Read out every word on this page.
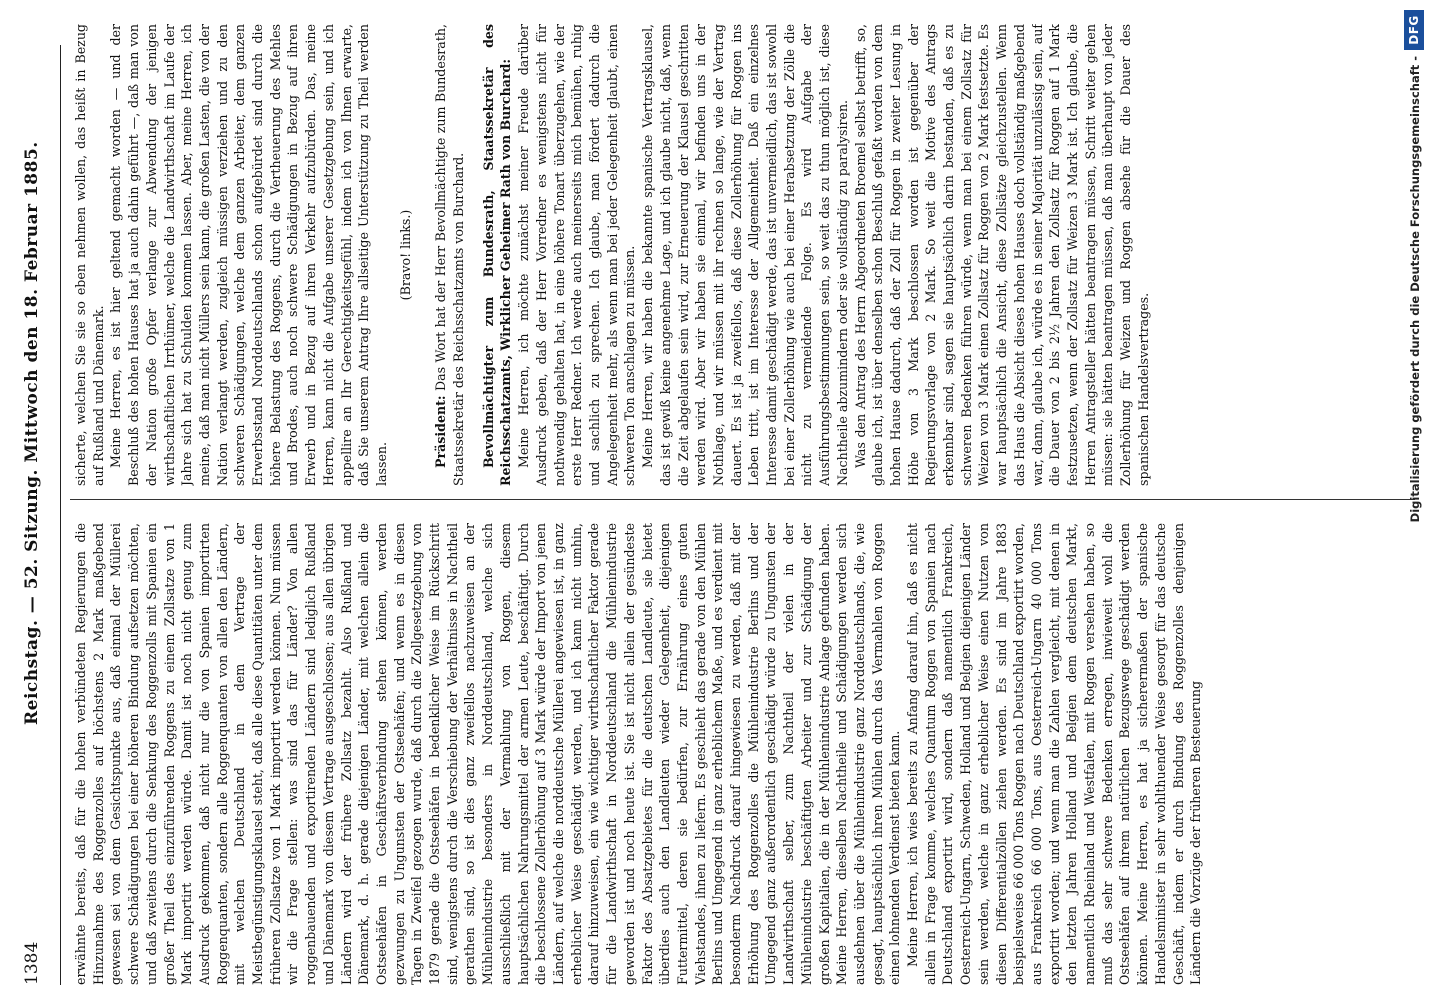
1384
Reichstag. — 52. Sitzung. Mittwoch den 18. Februar 1885.

erwähnte bereits, daß für die hohen verbündeten Regierungen die Hinzunahme des Roggenzolles auf höchstens 2 Mark maßgebend gewesen sei von dem Gesichtspunkte aus, daß einmal der Müllerei schwere Schädigungen bei einer höheren Bindung aufsetzen möchten, und daß zweitens durch die Senkung des Roggenzolls mit Spanien ein großer Theil des einzuführenden Roggens zu einem Zollsatze von 1 Mark importirt werden würde. Damit ist noch nicht genug zum Ausdruck gekommen, daß nicht nur die von Spanien importirten Roggenquanten, sondern alle Roggenquanten von allen den Ländern, mit welchen Deutschland in dem Vertrage der Meistbegünstigungsklausel steht, daß alle diese Quantitäten unter dem früheren Zollsatze von 1 Mark importirt werden können. Nun müssen wir die Frage stellen: was sind das für Länder? Von allen roggenbauenden und exportirenden Ländern sind lediglich Rußland und Dänemark von diesem Vertrage ausgeschlossen; aus allen übrigen Ländern wird der frühere Zollsatz bezahlt. Also Rußland und Dänemark, d. h. gerade diejenigen Länder, mit welchen allein die Ostseehäfen in Geschäftsverbindung stehen können, werden gezwungen zu Ungunsten der Ostseehäfen; und wenn es in diesen Tagen in Zweifel gezogen wurde, daß durch die Zollgesetzgebung von 1879 gerade die Ostseehäfen in bedenklicher Weise im Rückschritt sind, wenigstens durch die Verschiebung der Verhältnisse in Nachtheil gerathen sind, so ist dies ganz zweifellos nachzuweisen an der Mühlenindustrie besonders in Norddeutschland, welche sich ausschließlich mit der Vermahlung von Roggen, diesem hauptsächlichen Nahrungsmittel der armen Leute, beschäftigt. Durch die beschlossene Zollerhöhung auf 3 Mark würde der Import von jenen Ländern, auf welche die norddeutsche Müllerei angewiesen ist, in ganz erheblicher Weise geschädigt werden, und ich kann nicht umhin, darauf hinzuweisen, ein wie wichtiger wirthschaftlicher Faktor gerade für die Landwirthschaft in Norddeutschland die Mühlenindustrie geworden ist und noch heute ist. Sie ist nicht allein der gesündeste Faktor des Absatzgebietes für die deutschen Landleute, sie bietet überdies auch den Landleuten wieder Gelegenheit, diejenigen Futtermittel, deren sie bedürfen, zur Ernährung eines guten Viehstandes, ihnen zu liefern. Es geschieht das gerade von den Mühlen Berlins und Umgegend in ganz erheblichem Maße, und es verdient mit besonderm Nachdruck darauf hingewiesen zu werden, daß mit der Erhöhung des Roggenzolles die Mühlenindustrie Berlins und der Umgegend ganz außerordentlich geschädigt würde zu Ungunsten der Landwirthschaft selber, zum Nachtheil der vielen in der Mühlenindustrie beschäftigten Arbeiter und zur Schädigung der großen Kapitalien, die in der Mühlenindustrie Anlage gefunden haben. Meine Herren, dieselben Nachtheile und Schädigungen werden sich ausdehnen über die Mühlenindustrie ganz Norddeutschlands, die, wie gesagt, hauptsächlich ihren Mühlen durch das Vermahlen von Roggen einen lohnenden Verdienst bieten kann. Meine Herren, ich wies bereits zu Anfang darauf hin, daß es nicht allein in Frage komme, welches Quantum Roggen von Spanien nach Deutschland exportirt wird, sondern daß namentlich Frankreich, Oesterreich-Ungarn, Schweden, Holland und Belgien diejenigen Länder sein werden, welche in ganz erheblicher Weise einen Nutzen von diesen Differentialzöllen ziehen werden. Es sind im Jahre 1883 beispielsweise 66 000 Tons Roggen nach Deutschland exportirt worden, aus Frankreich 66 000 Tons, aus Oesterreich-Ungarn 40 000 Tons exportirt worden; und wenn man die Zahlen vergleicht, mit denen in den letzten Jahren Holland und Belgien dem deutschen Markt, namentlich Rheinland und Westfalen, mit Roggen versehen haben, so muß das sehr schwere Bedenken erregen, inwieweit wohl die Ostseehäfen auf ihrem natürlichen Bezugswege geschädigt werden können. Meine Herren, es hat ja sicherermaßen der spanische Handelsminister in sehr wohlthuender Weise gesorgt für das deutsche Geschäft, indem er durch Bindung des Roggenzolles denjenigen Ländern die Vorzüge der früheren Besteuerung

sicherte, welchen Sie sie so eben nehmen wollen, das heißt in Bezug auf Rußland und Dänemark. Meine Herren, es ist hier geltend gemacht worden — und der Beschluß des hohen Hauses hat ja auch dahin geführt —, daß man von der Nation große Opfer verlange zur Abwendung der jenigen wirthschaftlichen Irrthümer, welche die Landwirthschaft im Laufe der Jahre sich hat zu Schulden kommen lassen. Aber, meine Herren, ich meine, daß man nicht Müllers sein kann, die großen Lasten, die von der Nation verlangt werden, zugleich müssigen verziehen und zu den schweren Schädigungen, welche dem ganzen Arbeiter, dem ganzen Erwerbsstand Norddeutschlands schon aufgebürdet sind durch die höhere Belastung des Roggens, durch die Vertheuerung des Mehles und Brodes, auch noch schwere Schädigungen in Bezug auf ihren Erwerb und in Bezug auf ihren Verkehr aufzubürden. Das, meine Herren, kann nicht die Aufgabe unserer Gesetzgebung sein, und ich appellire an Ihr Gerechtigkeitsgefühl, indem ich von Ihnen erwarte, daß Sie unserem Antrag Ihre allseitige Unterstützung zu Theil werden lassen.

(Bravo! links.)

Präsident: Das Wort hat der Herr Bevollmächtigte zum Bundesrath, Staatssekretär des Reichsschatzamts von Burchard. Bevollmächtigter zum Bundesrath, Staatssekretär des Reichsschatzamts, Wirklicher Geheimer Rath von Burchard: Meine Herren, ich möchte zunächst meiner Freude darüber Ausdruck geben, daß der Herr Vorredner es wenigstens nicht für nothwendig gehalten hat, in eine höhere Tonart überzugehen, wie der erste Herr Redner. Ich werde auch meinerseits mich bemühen, ruhig und sachlich zu sprechen. Ich glaube, man fördert dadurch die Angelegenheit mehr, als wenn man bei jeder Gelegenheit glaubt, einen schweren Ton anschlagen zu müssen. Meine Herren, wir haben die bekannte spanische Vertragsklausel, das ist gewiß keine angenehme Lage, und ich glaube nicht, daß, wenn die Zeit abgelaufen sein wird, zur Erneuerung der Klausel geschritten werden wird. Aber wir haben sie einmal, wir befinden uns in der Nothlage, und wir müssen mit ihr rechnen so lange, wie der Vertrag dauert. Es ist ja zweifellos, daß diese Zollerhöhung für Roggen ins Leben tritt, ist im Interesse der Allgemeinheit. Daß ein einzelnes Interesse damit geschädigt werde, das ist unvermeidlich, das ist sowohl bei einer Zollerhöhung wie auch bei einer Herabsetzung der Zölle die nicht zu vermeidende Folge. Es wird Aufgabe der Ausführungsbestimmungen sein, so weit das zu thun möglich ist, diese Nachtheile abzumindern oder sie vollständig zu paralysiren. Was den Antrag des Herrn Abgeordneten Broemel selbst betrifft, so, glaube ich, ist über denselben schon Beschluß gefaßt worden von dem hohen Hause dadurch, daß der Zoll für Roggen in zweiter Lesung in Höhe von 3 Mark beschlossen worden ist gegenüber der Regierungsvorlage von 2 Mark. So weit die Motive des Antrags erkennbar sind, sagen sie hauptsächlich darin bestanden, daß es zu schweren Bedenken führen würde, wenn man bei einem Zollsatz für Weizen von 3 Mark einen Zollsatz für Roggen von 2 Mark festsetzte. Es war hauptsächlich die Ansicht, diese Zollsätze gleichzustellen. Wenn das Haus die Absicht dieses hohen Hauses doch vollständig maßgebend war, dann, glaube ich, würde es in seiner Majorität unzulässig sein, auf die Dauer von 2 bis 2½ Jahren den Zollsatz für Roggen auf 1 Mark festzusetzen, wenn der Zollsatz für Weizen 3 Mark ist. Ich glaube, die Herren Antragsteller hätten beantragen müssen, Schritt weiter gehen müssen: sie hätten beantragen müssen, daß man überhaupt von jeder Zollerhöhung für Weizen und Roggen absehe für die Dauer des spanischen Handelsvertrages.	Digitalisierung gefördert durch die Deutsche Forschungsgemeinschaft -
DFG
